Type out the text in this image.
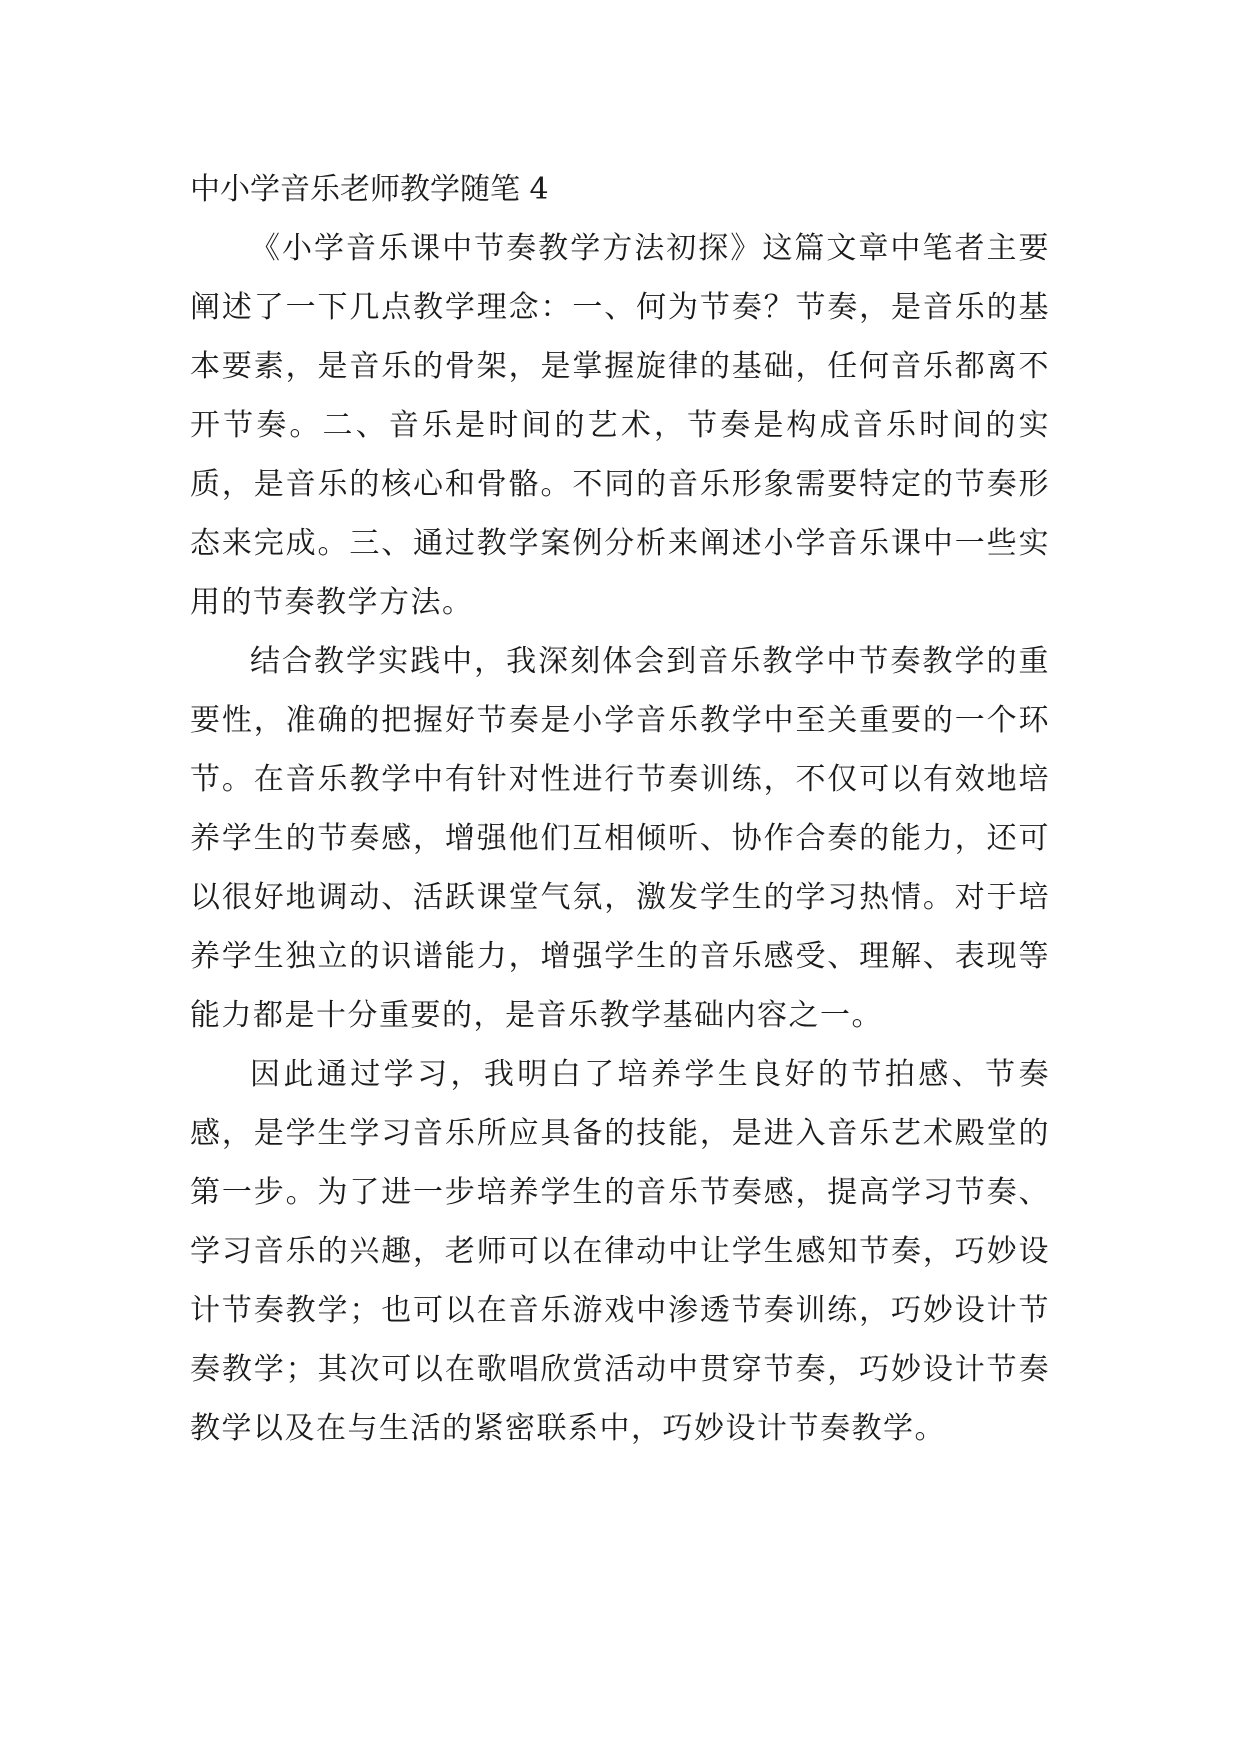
中小学音乐老师教学随笔 4

《小学音乐课中节奏教学方法初探》这篇文章中笔者主要阐述了一下几点教学理念：一、何为节奏？节奏，是音乐的基本要素，是音乐的骨架，是掌握旋律的基础，任何音乐都离不开节奏。二、音乐是时间的艺术，节奏是构成音乐时间的实质，是音乐的核心和骨骼。不同的音乐形象需要特定的节奏形态来完成。三、通过教学案例分析来阐述小学音乐课中一些实用的节奏教学方法。

结合教学实践中，我深刻体会到音乐教学中节奏教学的重要性，准确的把握好节奏是小学音乐教学中至关重要的一个环节。在音乐教学中有针对性进行节奏训练，不仅可以有效地培养学生的节奏感，增强他们互相倾听、协作合奏的能力，还可以很好地调动、活跃课堂气氛，激发学生的学习热情。对于培养学生独立的识谱能力，增强学生的音乐感受、理解、表现等能力都是十分重要的，是音乐教学基础内容之一。

因此通过学习，我明白了培养学生良好的节拍感、节奏感，是学生学习音乐所应具备的技能，是进入音乐艺术殿堂的第一步。为了进一步培养学生的音乐节奏感，提高学习节奏、学习音乐的兴趣，老师可以在律动中让学生感知节奏，巧妙设计节奏教学；也可以在音乐游戏中渗透节奏训练，巧妙设计节奏教学；其次可以在歌唱欣赏活动中贯穿节奏，巧妙设计节奏教学以及在与生活的紧密联系中，巧妙设计节奏教学。
